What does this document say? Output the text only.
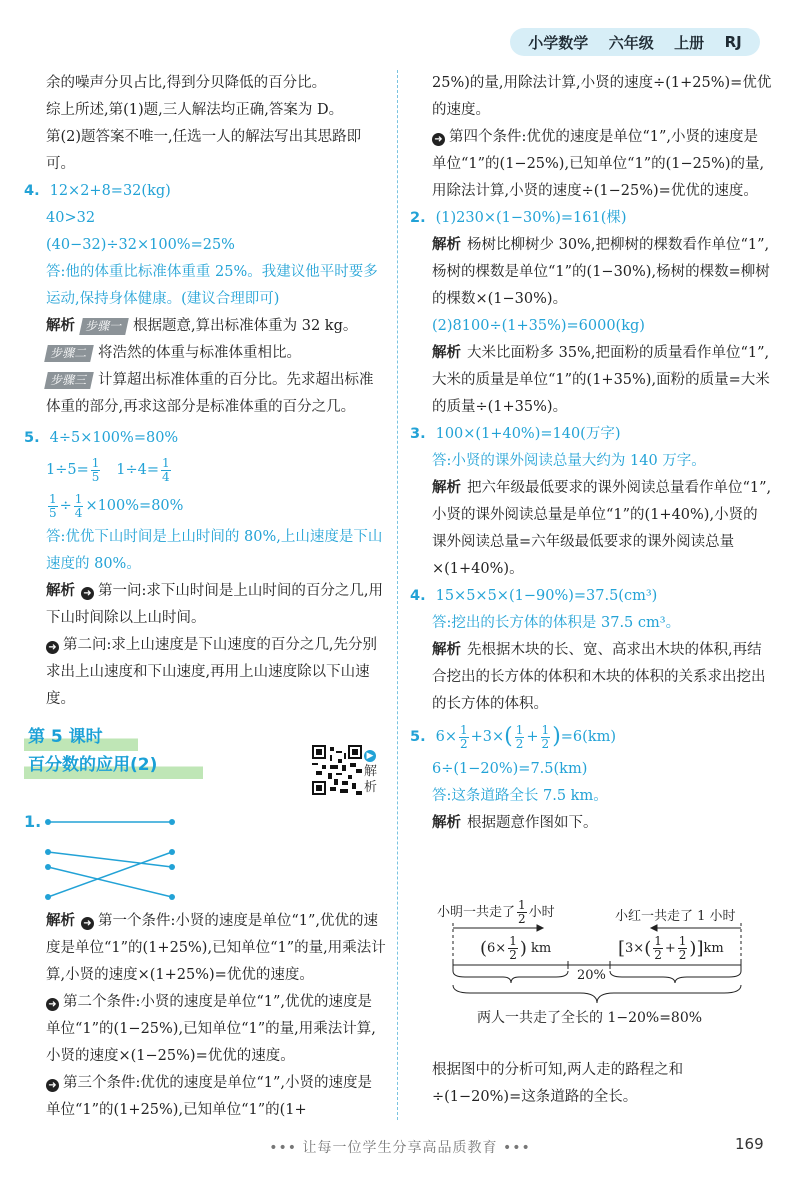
小学数学 六年级 上册 RJ

余的噪声分贝占比,得到分贝降低的百分比。

综上所述,第(1)题,三人解法均正确,答案为 D。

第(2)题答案不唯一,任选一人的解法写出其思路即可。

4. 12×2+8=32(kg)

40>32

(40−32)÷32×100%=25%

答:他的体重比标准体重重 25%。我建议他平时要多运动,保持身体健康。(建议合理即可)

解析 步骤一 根据题意,算出标准体重为 32 kg。

步骤二 将浩然的体重与标准体重相比。

步骤三 计算超出标准体重的百分比。先求超出标准体重的部分,再求这部分是标准体重的百分之几。

5. 4÷5×100%=80%

$1\div 5= \frac{1}{5} 1\div 4= \frac{1}{4}$

$\frac{1}{5} \div \frac{1}{4} \times 100\%=80\%$

答:优优下山时间是上山时间的 80%,上山速度是下山速度的 80%。

解析 ➜ 第一问:求下山时间是上山时间的百分之几,用下山时间除以上山时间。

➜ 第二问:求上山速度是下山速度的百分之几,先分别求出上山速度和下山速度,再用上山速度除以下山速度。

第 5 课时
百分数的应用(2)	▶
解析
1.

解析 ➜ 第一个条件:小贤的速度是单位“1”,优优的速度是单位“1”的(1+25%),已知单位“1”的量,用乘法计算,小贤的速度×(1+25%)=优优的速度。

➜ 第二个条件:小贤的速度是单位“1”,优优的速度是单位“1”的(1−25%),已知单位“1”的量,用乘法计算,小贤的速度×(1−25%)=优优的速度。

➜ 第三个条件:优优的速度是单位“1”,小贤的速度是单位“1”的(1+25%),已知单位“1”的(1+

25%)的量,用除法计算,小贤的速度÷(1+25%)=优优的速度。

➜ 第四个条件:优优的速度是单位“1”,小贤的速度是单位“1”的(1−25%),已知单位“1”的(1−25%)的量,用除法计算,小贤的速度÷(1−25%)=优优的速度。

2. (1)230×(1−30%)=161(棵)

解析 杨树比柳树少 30%,把柳树的棵数看作单位“1”,杨树的棵数是单位“1”的(1−30%),杨树的棵数=柳树的棵数×(1−30%)。

(2)8100÷(1+35%)=6000(kg)

解析 大米比面粉多 35%,把面粉的质量看作单位“1”,大米的质量是单位“1”的(1+35%),面粉的质量=大米的质量÷(1+35%)。

3. 100×(1+40%)=140(万字)

答:小贤的课外阅读总量大约为 140 万字。

解析 把六年级最低要求的课外阅读总量看作单位“1”,小贤的课外阅读总量是单位“1”的(1+40%),小贤的课外阅读总量=六年级最低要求的课外阅读总量×(1+40%)。

4. 15×5×5×(1−90%)=37.5(cm³)

答:挖出的长方体的体积是 37.5 cm³。

解析 先根据木块的长、宽、高求出木块的体积,再结合挖出的长方体的体积和木块的体积的关系求出挖出的长方体的体积。

5. $6\times \frac{1}{2} +3\times( \frac{1}{2} + \frac{1}{2} )=6(km)$

6÷(1−20%)=7.5(km)

答:这条道路全长 7.5 km。

解析 根据题意作图如下。

小明一共走了 $\frac{1}{2}$ 小时	小红一共走了 1 小时
($6\times \frac{1}{2}$ ) km	$[3\times( \frac{1}{2} + \frac{1}{2} )]km$
20%
两人一共走了全长的 1−20%=80%

根据图中的分析可知,两人走的路程之和÷(1−20%)=这条道路的全长。

••• 让每一位学生分享高品质教育 •••	169
